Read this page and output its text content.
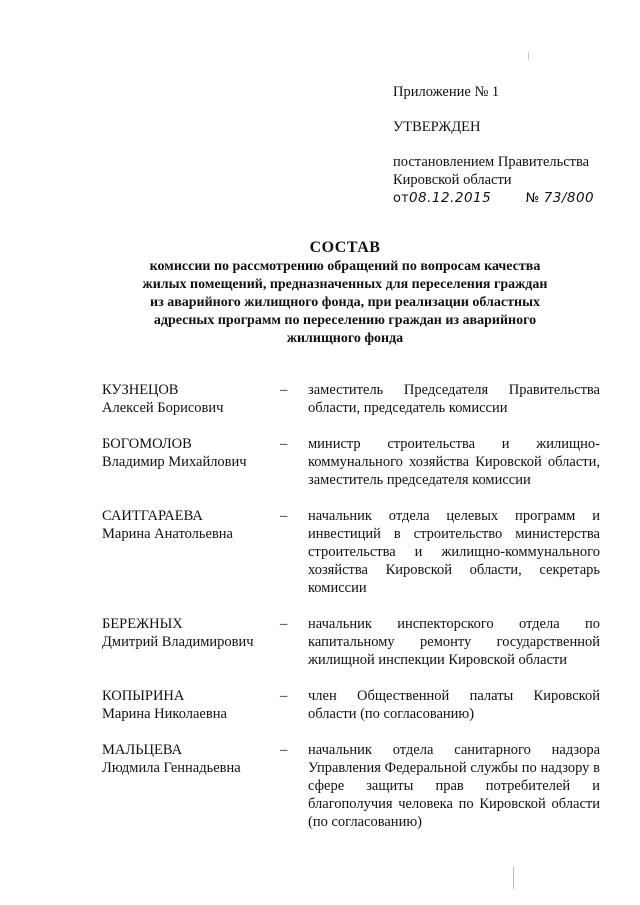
Приложение № 1
УТВЕРЖДЕН
постановлением Правительства
Кировской области
от08.12.2015	№ 73/800
СОСТАВ
комиссии по рассмотрению обращений по вопросам качества
жилых помещений, предназначенных для переселения граждан
из аварийного жилищного фонда, при реализации областных
адресных программ по переселению граждан из аварийного
жилищного фонда
КУЗНЕЦОВ
Алексей Борисович
–	заместитель Председателя Правительства области, председатель комиссии
БОГОМОЛОВ
Владимир Михайлович
–	министр строительства и жилищно-коммунального хозяйства Кировской области, заместитель председателя комиссии
САИТГАРАЕВА
Марина Анатольевна
–	начальник отдела целевых программ и инвестиций в строительство министерства строительства и жилищно-коммунального хозяйства Кировской области, секретарь комиссии
БЕРЕЖНЫХ
Дмитрий Владимирович
–	начальник инспекторского отдела по капитальному ремонту государственной жилищной инспекции Кировской области
КОПЫРИНА
Марина Николаевна
–	член Общественной палаты Кировской области (по согласованию)
МАЛЬЦЕВА
Людмила Геннадьевна
–	начальник отдела санитарного надзора Управления Федеральной службы по надзору в сфере защиты прав потребителей и благополучия человека по Кировской области (по согласованию)
